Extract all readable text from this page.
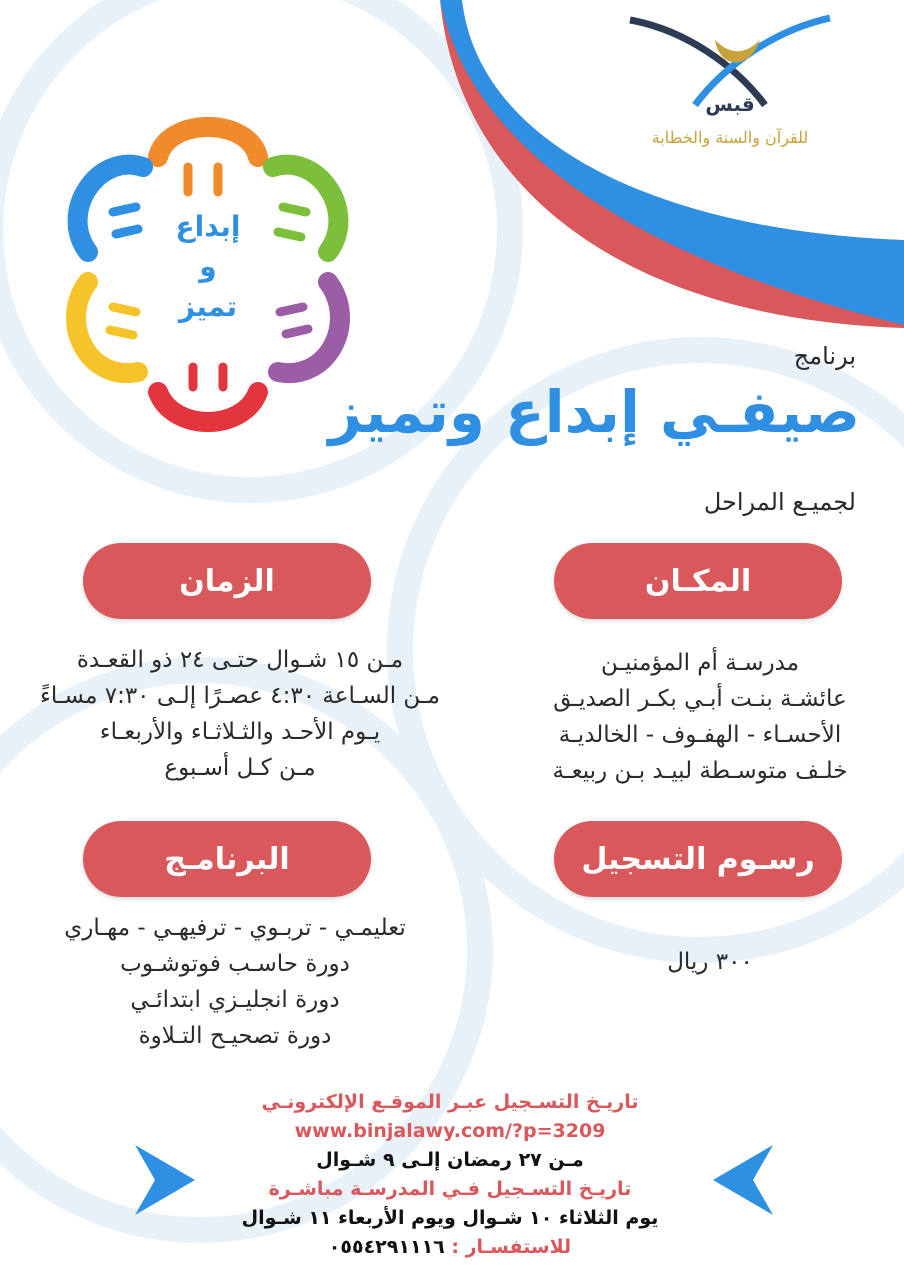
قبس
للقرآن والسنة والخطابة
إبداع
و
تميز
برنامج
صيفـي إبداع وتميز
لجميـع المراحل
المكـان
مدرسـة أم المؤمنيـن
عائشـة بنـت أبـي بكـر الصديـق
الأحسـاء - الهفـوف - الخالديـة
خلـف متوسـطة لبيـد بـن ربيعـة
الزمان
مـن ١٥ شـوال حتـى ٢٤ ذو القعـدة
مـن السـاعة ٤:٣٠ عصـرًا إلـى ٧:٣٠ مسـاءً
يـوم الأحـد والثـلاثـاء والأربعـاء
مـن كـل أسـبوع
رسـوم التسجيل
٣٠٠ ريال
البرنامـج
تعليمـي - تربـوي - ترفيهـي - مهـاري
دورة حاسـب فوتوشـوب
دورة انجليـزي ابتدائـي
دورة تصحيـح التـلاوة
تاريـخ التسـجيل عبـر الموقـع الإلكترونـي
www.binjalawy.com/?p=3209
مـن ٢٧ رمضان إلـى ٩ شـوال
تاريـخ التسـجيل فـي المدرسـة مباشـرة
يوم الثلاثاء ١٠ شـوال ويوم الأربعاء ١١ شـوال
للاستفسـار : ٠٥٥٤٢٩١١١٦
